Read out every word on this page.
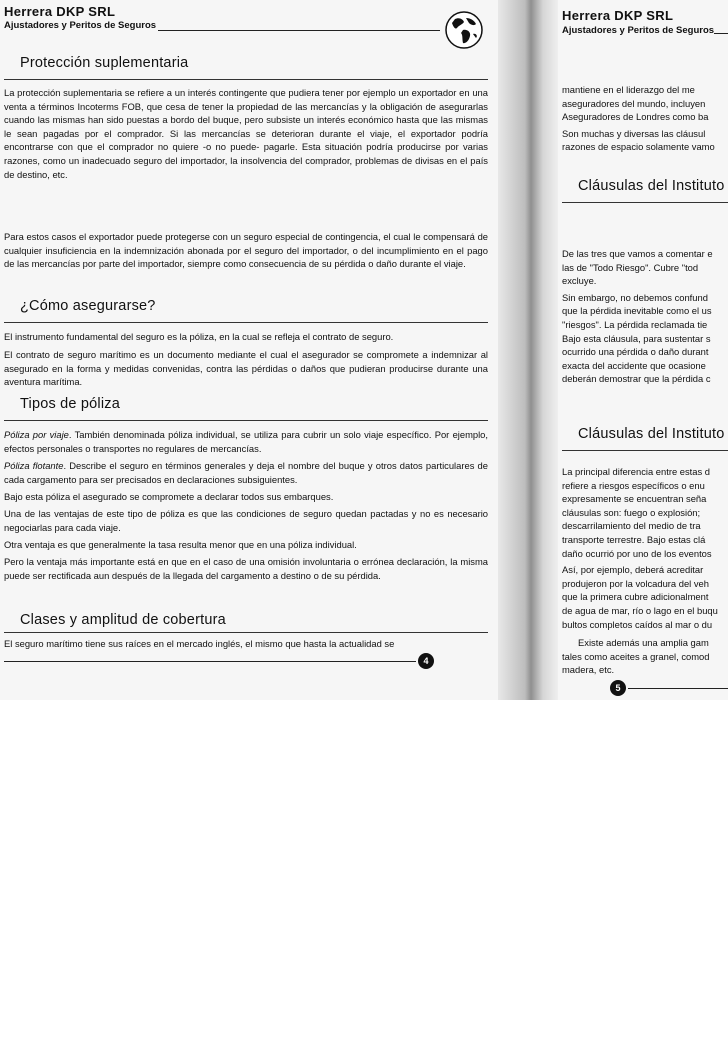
Herrera DKP SRL
Ajustadores y Peritos de Seguros
Protección suplementaria

La protección suplementaria se refiere a un interés contingente que pudiera tener por ejemplo un exportador en una venta a términos Incoterms FOB, que cesa de tener la propiedad de las mercancías y la obligación de asegurarlas cuando las mismas han sido puestas a bordo del buque, pero subsiste un interés económico hasta que las mismas le sean pagadas por el comprador. Si las mercancías se deterioran durante el viaje, el exportador podría encontrarse con que el comprador no quiere -o no puede- pagarle. Esta situación podría producirse por varias razones, como un inadecuado seguro del importador, la insolvencia del comprador, problemas de divisas en el país de destino, etc.

Para estos casos el exportador puede protegerse con un seguro especial de contingencia, el cual le compensará de cualquier insuficiencia en la indemnización abonada por el seguro del importador, o del incumplimiento en el pago de las mercancías por parte del importador, siempre como consecuencia de su pérdida o daño durante el viaje.

¿Cómo asegurarse?

El instrumento fundamental del seguro es la póliza, en la cual se refleja el contrato de seguro.

El contrato de seguro marítimo es un documento mediante el cual el asegurador se compromete a indemnizar al asegurado en la forma y medidas convenidas, contra las pérdidas o daños que pudieran producirse durante una aventura marítima.

Tipos de póliza

Póliza por viaje. También denominada póliza individual, se utiliza para cubrir un solo viaje específico. Por ejemplo, efectos personales o transportes no regulares de mercancías.

Póliza flotante. Describe el seguro en términos generales y deja el nombre del buque y otros datos particulares de cada cargamento para ser precisados en declaraciones subsiguientes.

Bajo esta póliza el asegurado se compromete a declarar todos sus embarques.

Una de las ventajas de este tipo de póliza es que las condiciones de seguro quedan pactadas y no es necesario negociarlas para cada viaje.

Otra ventaja es que generalmente la tasa resulta menor que en una póliza individual.

Pero la ventaja más importante está en que en el caso de una omisión involuntaria o errónea declaración, la misma puede ser rectificada aun después de la llegada del cargamento a destino o de su pérdida.

Clases y amplitud de cobertura

El seguro marítimo tiene sus raíces en el mercado inglés, el mismo que hasta la actualidad se

4
Herrera DKP SRL
Ajustadores y Peritos de Seguros
mantiene en el liderazgo del me
aseguradores del mundo, incluyen
Aseguradores de Londres como ba
Son muchas y diversas las cláusul
razones de espacio solamente vamo
Cláusulas del Instituto
De las tres que vamos a comentar e
las de "Todo Riesgo". Cubre "tod
excluye.
Sin embargo, no debemos confund
que la pérdida inevitable como el us
"riesgos". La pérdida reclamada tie
Bajo esta cláusula, para sustentar s
ocurrido una pérdida o daño durant
exacta del accidente que ocasione
deberán demostrar que la pérdida c
Cláusulas del Instituto
La principal diferencia entre estas d
refiere a riesgos específicos o enu
expresamente se encuentran seña
cláusulas son: fuego o explosión;
descarrilamiento del medio de tra
transporte terrestre. Bajo estas clá
daño ocurrió por uno de los eventos
Así, por ejemplo, deberá acreditar
produjeron por la volcadura del veh
que la primera cubre adicionalment
de agua de mar, río o lago en el buqu
bultos completos caídos al mar o du
Existe además una amplia gam
tales como aceites a granel, comod
madera, etc.
5
